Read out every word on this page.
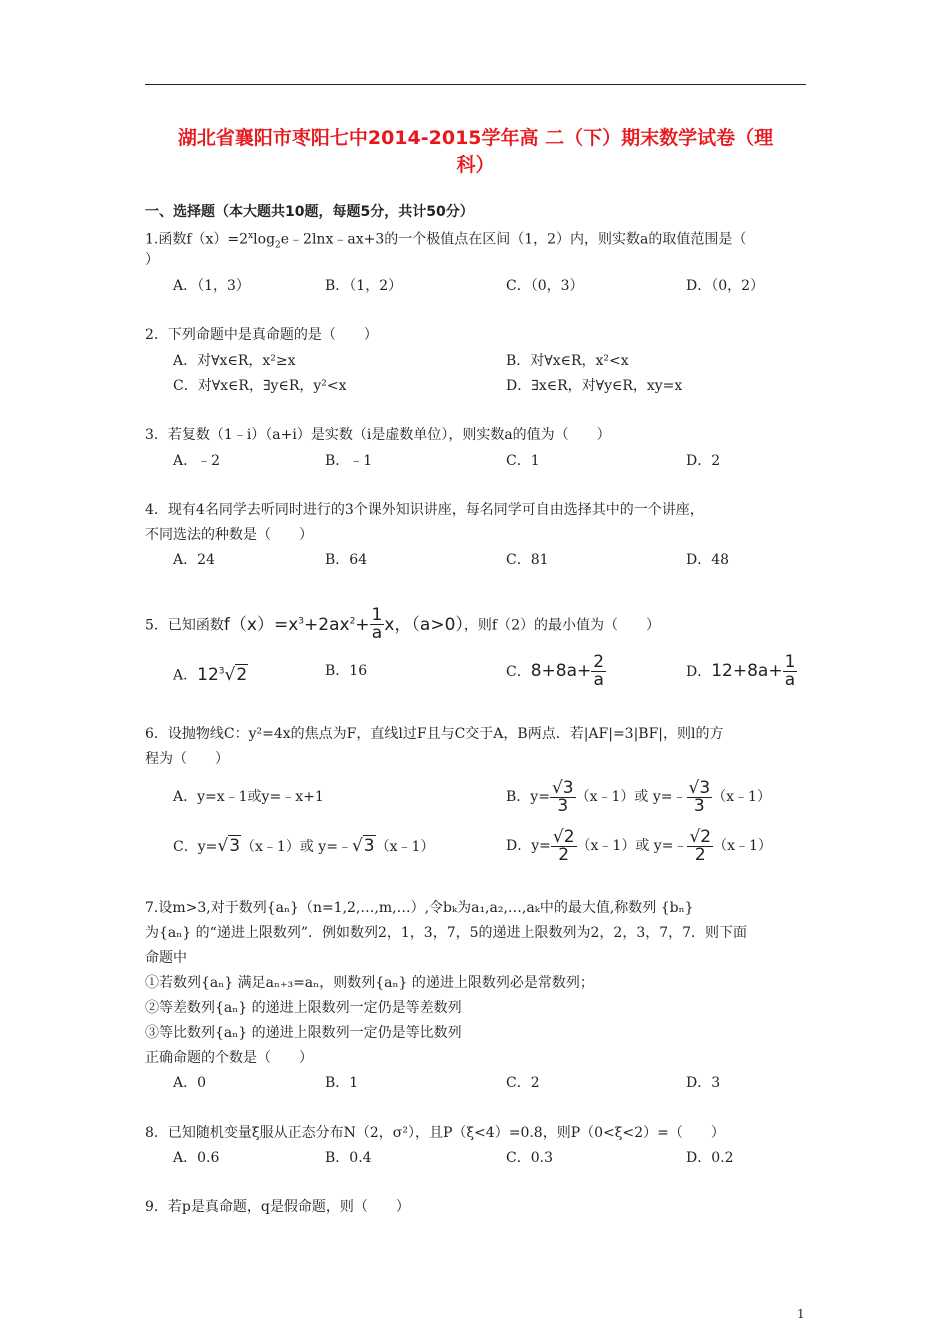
湖北省襄阳市枣阳七中2014-2015学年高 二（下）期末数学试卷（理
科）
一、选择题（本大题共10题，每题5分，共计50分）
1.函数$f(x)=2^x\log_2e﹣2\ln x﹣ax+3$的一个极值点在区间（1，2）内，则实数a的取值范围是（
）
A．（1，3）	B．（1，2）	C．（0，3）	D．（0，2）
2．下列命题中是真命题的是（　　）
A．对∀x∈R，x²≥x	B．对∀x∈R，x²<x
C．对∀x∈R，∃y∈R，y²<x	D．∃x∈R，对∀y∈R，xy=x
3．若复数（1﹣i）（a+i）是实数（i是虚数单位），则实数a的值为（　　）
A．﹣2	B．﹣1	C．1	D．2
4．现有4名同学去听同时进行的3个课外知识讲座，每名同学可自由选择其中的一个讲座，
不同选法的种数是（　　）
A．24	B．64	C．81	D．48
5．已知函数$f(x)=x^3+2ax^2+ \frac{1}{a}$ x，（a>0），则f（2）的最小值为（　　）
A．$12^3√2$	B．16	C．$8+8a+ \frac{2}{a}$	D．$12+8a+ \frac{1}{a}$
6．设抛物线C：y²=4x的焦点为F，直线l过F且与C交于A，B两点．若|AF|=3|BF|，则l的方
程为（　　）
A．y=x﹣1或y=﹣x+1	B．$y= \frac{√3}{3}$ （x﹣1）或 y=﹣ $\frac{√3}{3}$ （x﹣1）
C．y=√3（x﹣1）或 y=﹣√3（x﹣1）	D．$y= \frac{√2}{2}$ （x﹣1）或 y=﹣ $\frac{√2}{2}$ （x﹣1）
7.设m>3,对于数列{aₙ}（n=1,2,…,m,…）,令bₖ为a₁,a₂,…,aₖ中的最大值,称数列 {bₙ}
为{aₙ} 的“递进上限数列”．例如数列2，1，3，7，5的递进上限数列为2，2，3，7，7．则下面
命题中
①若数列{aₙ} 满足aₙ₊₃=aₙ，则数列{aₙ} 的递进上限数列必是常数列；
②等差数列{aₙ} 的递进上限数列一定仍是等差数列
③等比数列{aₙ} 的递进上限数列一定仍是等比数列
正确命题的个数是（　　）
A．0	B．1	C．2	D．3
8．已知随机变量ξ服从正态分布N（2，σ²），且P（ξ<4）=0.8，则P（0<ξ<2）=（　　）
A．0.6	B．0.4	C．0.3	D．0.2
9．若p是真命题，q是假命题，则（　　）
1
